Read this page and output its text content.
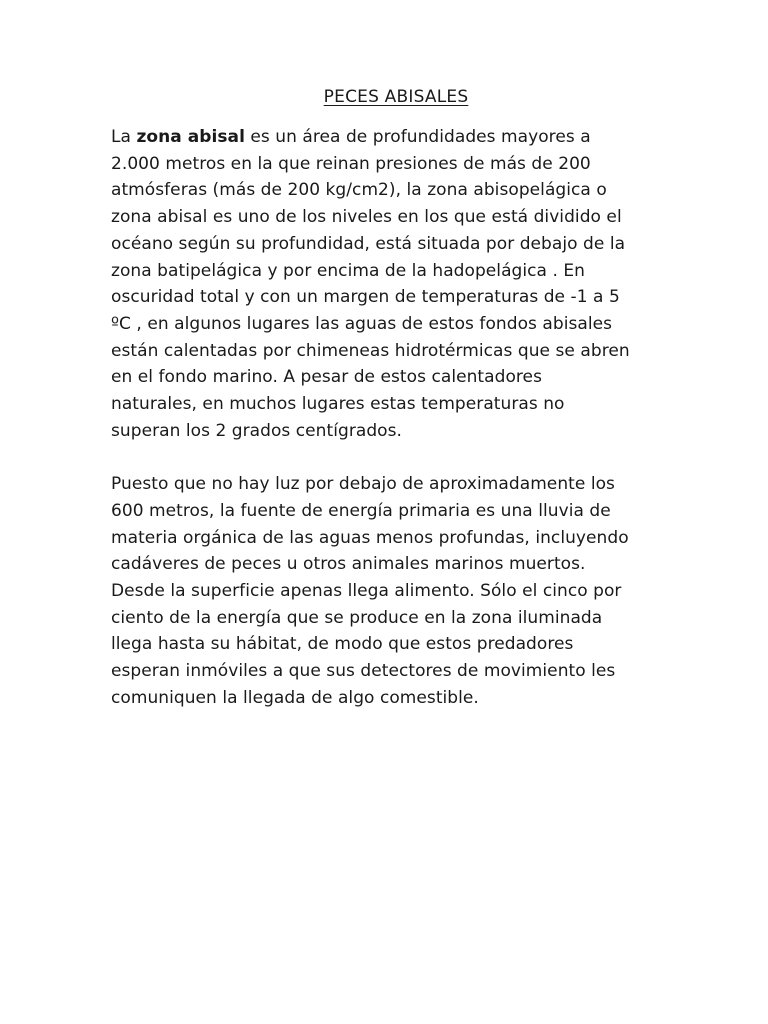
PECES ABISALES

La zona abisal es un área de profundidades mayores a
2.000 metros en la que reinan presiones de más de 200
atmósferas (más de 200 kg/cm2), la zona abisopelágica o
zona abisal es uno de los niveles en los que está dividido el
océano según su profundidad, está situada por debajo de la
zona batipelágica y por encima de la hadopelágica . En
oscuridad total y con un margen de temperaturas de -1 a 5
ºC , en algunos lugares las aguas de estos fondos abisales
están calentadas por chimeneas hidrotérmicas que se abren
en el fondo marino. A pesar de estos calentadores
naturales, en muchos lugares estas temperaturas no
superan los 2 grados centígrados.

Puesto que no hay luz por debajo de aproximadamente los
600 metros, la fuente de energía primaria es una lluvia de
materia orgánica de las aguas menos profundas, incluyendo
cadáveres de peces u otros animales marinos muertos.
Desde la superficie apenas llega alimento. Sólo el cinco por
ciento de la energía que se produce en la zona iluminada
llega hasta su hábitat, de modo que estos predadores
esperan inmóviles a que sus detectores de movimiento les
comuniquen la llegada de algo comestible.
